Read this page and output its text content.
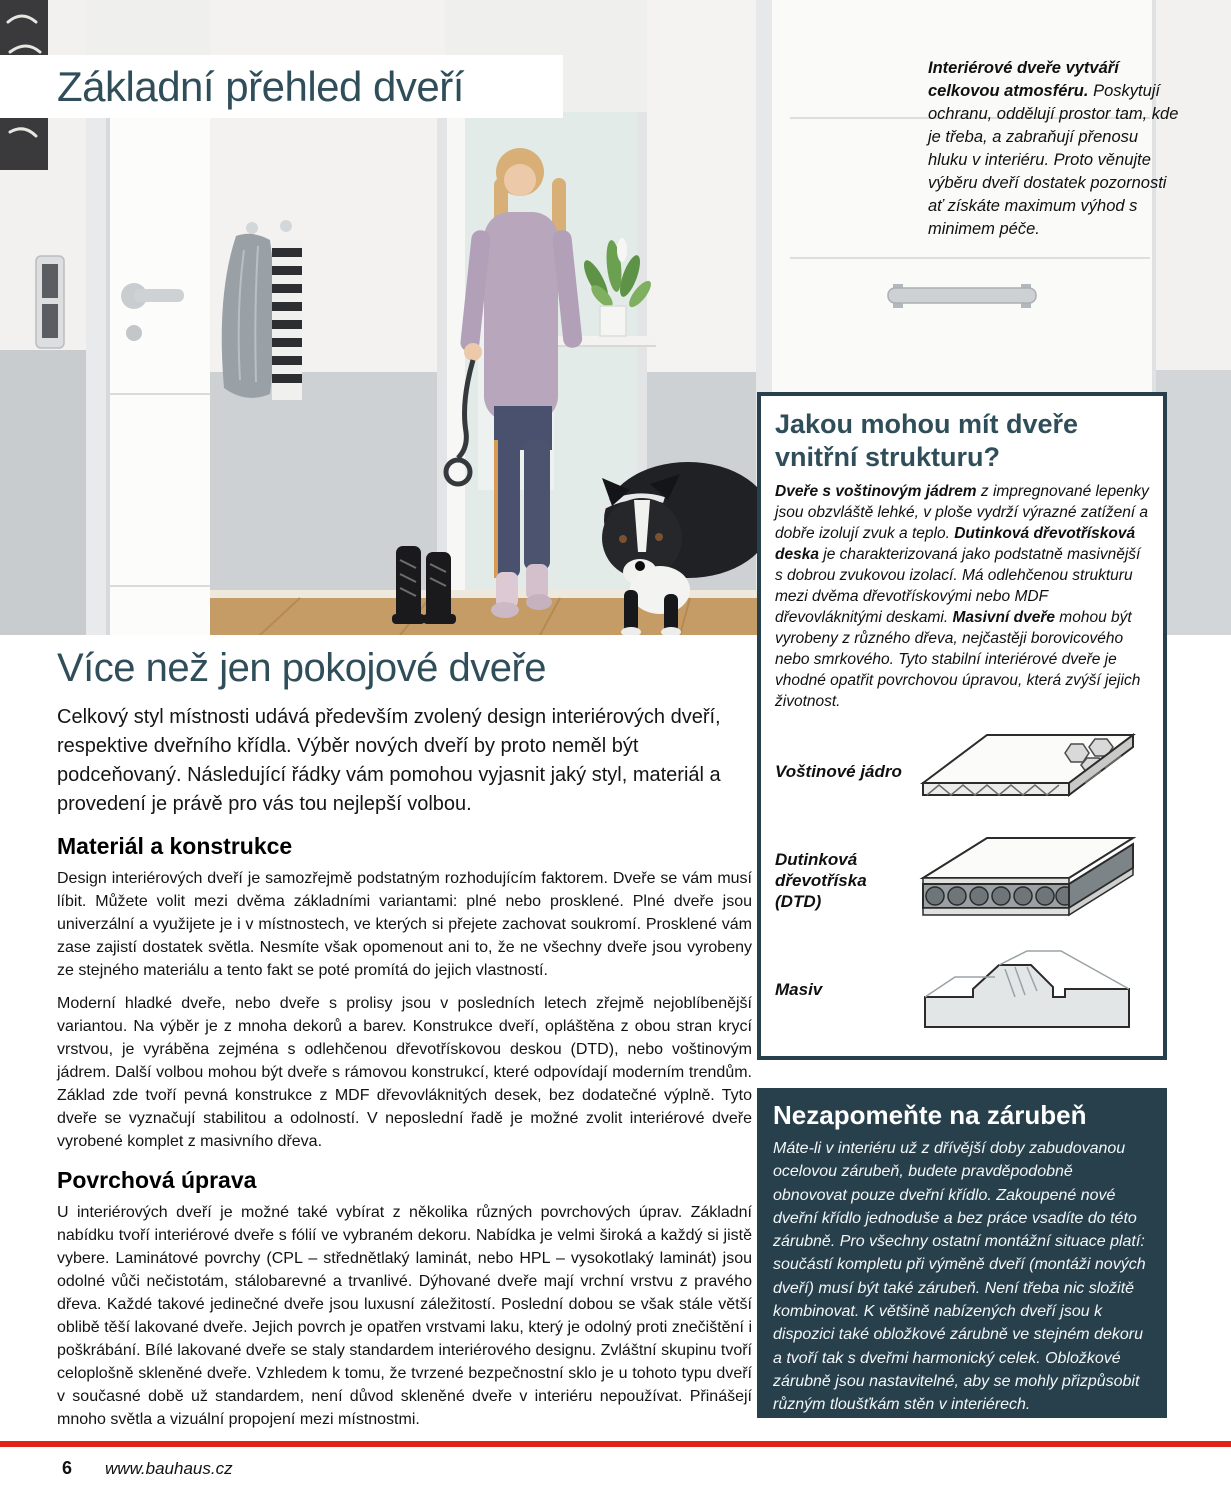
Základní přehled dveří	Interiérové dveře vytváří celkovou atmosféru. Poskytují ochranu, oddělují prostor tam, kde je třeba, a zabraňují přenosu hluku v interiéru. Proto věnujte výběru dveří dostatek pozornosti ať získáte maximum výhod s minimem péče.
Více než jen pokojové dveře

Celkový styl místnosti udává především zvolený design interiérových dveří, respektive dveřního křídla. Výběr nových dveří by proto neměl být podceňovaný. Následující řádky vám pomohou vyjasnit jaký styl, materiál a provedení je právě pro vás tou nejlepší volbou.

Materiál a konstrukce

Design interiérových dveří je samozřejmě podstatným rozhodujícím faktorem. Dveře se vám musí líbit. Můžete volit mezi dvěma základními variantami: plné nebo prosklené. Plné dveře jsou univerzální a využijete je i v místnostech, ve kterých si přejete zachovat soukromí. Prosklené vám zase zajistí dostatek světla. Nesmíte však opomenout ani to, že ne všechny dveře jsou vyrobeny ze stejného materiálu a tento fakt se poté promítá do jejich vlastností.

Moderní hladké dveře, nebo dveře s prolisy jsou v posledních letech zřejmě nejoblíbenější variantou. Na výběr je z mnoha dekorů a barev. Konstrukce dveří, opláštěna z obou stran krycí vrstvou, je vyráběna zejména s odlehčenou dřevotřískovou deskou (DTD), nebo voštinovým jádrem. Další volbou mohou být dveře s rámovou konstrukcí, které odpovídají moderním trendům. Základ zde tvoří pevná konstrukce z MDF dřevovláknitých desek, bez dodatečné výplně. Tyto dveře se vyznačují stabilitou a odolností. V neposlední řadě je možné zvolit interiérové dveře vyrobené komplet z masivního dřeva.

Povrchová úprava

U interiérových dveří je možné také vybírat z několika různých povrchových úprav. Základní nabídku tvoří interiérové dveře s fólií ve vybraném dekoru. Nabídka je velmi široká a každý si jistě vybere. Laminátové povrchy (CPL – střednětlaký laminát, nebo HPL – vysokotlaký laminát) jsou odolné vůči nečistotám, stálobarevné a trvanlivé. Dýhované dveře mají vrchní vrstvu z pravého dřeva. Každé takové jedinečné dveře jsou luxusní záležitostí. Poslední dobou se však stále větší oblibě těší lakované dveře. Jejich povrch je opatřen vrstvami laku, který je odolný proti znečištění i poškrábání. Bílé lakované dveře se staly standardem interiérového designu. Zvláštní skupinu tvoří celoplošně skleněné dveře. Vzhledem k tomu, že tvrzené bezpečnostní sklo je u tohoto typu dveří v současné době už standardem, není důvod skleněné dveře v interiéru nepoužívat. Přinášejí mnoho světla a vizuální propojení mezi místnostmi.

Jakou mohou mít dveře vnitřní strukturu?
Dveře s voštinovým jádrem z impregnované lepenky jsou obzvláště lehké, v ploše vydrží výrazné zatížení a dobře izolují zvuk a teplo. Dutinková dřevotřísková deska je charakterizovaná jako podstatně masivnější s dobrou zvukovou izolací. Má odlehčenou strukturu mezi dvěma dřevotřískovými nebo MDF dřevovláknitými deskami. Masivní dveře mohou být vyrobeny z různého dřeva, nejčastěji borovicového nebo smrkového. Tyto stabilní interiérové dveře je vhodné opatřit povrchovou úpravou, která zvýší jejich životnost.
Voštinové jádro
Dutinková dřevotříska (DTD)
Masiv
Nezapomeňte na zárubeň

Máte-li v interiéru už z dřívější doby zabudovanou ocelovou zárubeň, budete pravděpodobně obnovovat pouze dveřní křídlo. Zakoupené nové dveřní křídlo jednoduše a bez práce vsadíte do této zárubně. Pro všechny ostatní montážní situace platí: součástí kompletu při výměně dveří (montáži nových dveří) musí být také zárubeň. Není třeba nic složitě kombinovat. K většině nabízených dveří jsou k dispozici také obložkové zárubně ve stejném dekoru a tvoří tak s dveřmi harmonický celek. Obložkové zárubně jsou nastavitelné, aby se mohly přizpůsobit různým tloušťkám stěn v interiérech.

6 www.bauhaus.cz
